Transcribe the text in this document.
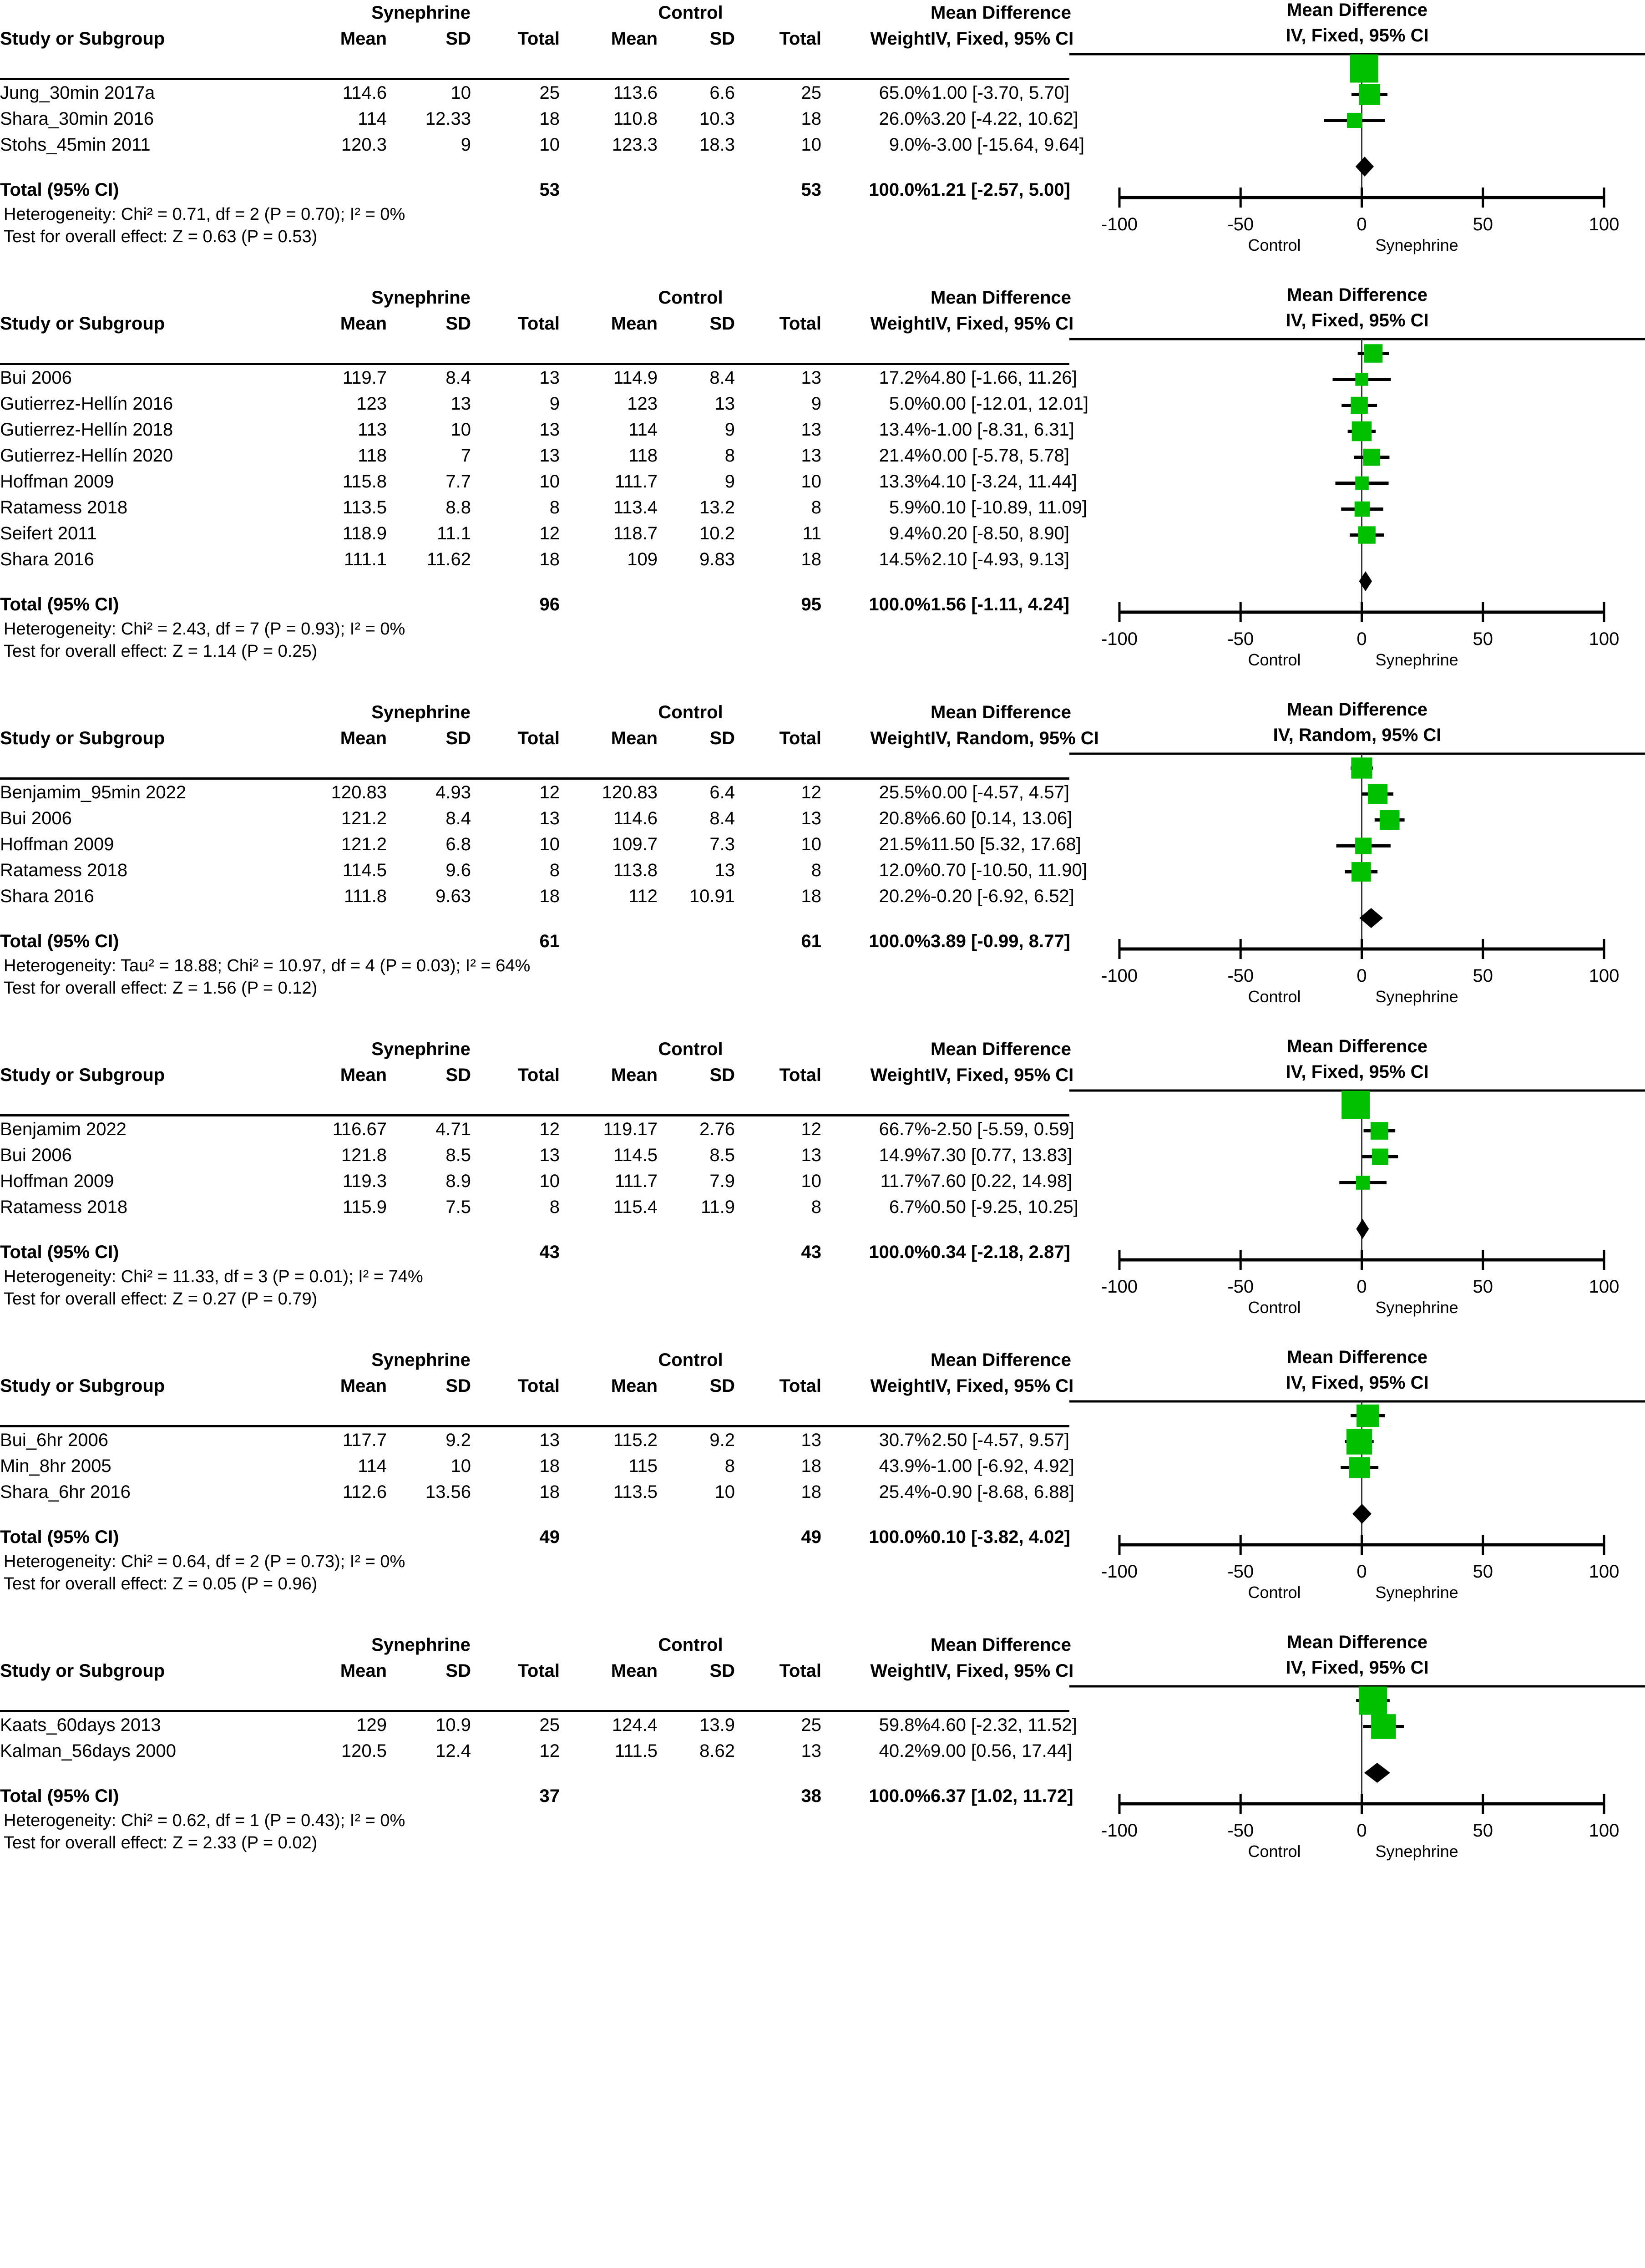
	Synephrine			Control				Mean Difference
Study or Subgroup	Mean	SD	Total	Mean	SD	Total	Weight	IV, Fixed, 95% CI

Jung_30min 2017a	114.6	10	25	113.6	6.6	25	65.0%	1.00 [-3.70, 5.70]
Shara_30min 2016	114	12.33	18	110.8	10.3	18	26.0%	3.20 [-4.22, 10.62]
Stohs_45min 2011	120.3	9	10	123.3	18.3	10	9.0%	-3.00 [-15.64, 9.64]

Total (95% CI)			53			53	100.0%	1.21 [-2.57, 5.00]
Heterogeneity: Chi² = 0.71, df = 2 (P = 0.70); I² = 0%
Test for overall effect: Z = 0.63 (P = 0.53)
Mean Difference
IV, Fixed, 95% CI
-100	-50	0	50	100
Control	Synephrine
	Synephrine			Control				Mean Difference
Study or Subgroup	Mean	SD	Total	Mean	SD	Total	Weight	IV, Fixed, 95% CI

Bui 2006	119.7	8.4	13	114.9	8.4	13	17.2%	4.80 [-1.66, 11.26]
Gutierrez-Hellín 2016	123	13	9	123	13	9	5.0%	0.00 [-12.01, 12.01]
Gutierrez-Hellín 2018	113	10	13	114	9	13	13.4%	-1.00 [-8.31, 6.31]
Gutierrez-Hellín 2020	118	7	13	118	8	13	21.4%	0.00 [-5.78, 5.78]
Hoffman 2009	115.8	7.7	10	111.7	9	10	13.3%	4.10 [-3.24, 11.44]
Ratamess 2018	113.5	8.8	8	113.4	13.2	8	5.9%	0.10 [-10.89, 11.09]
Seifert 2011	118.9	11.1	12	118.7	10.2	11	9.4%	0.20 [-8.50, 8.90]
Shara 2016	111.1	11.62	18	109	9.83	18	14.5%	2.10 [-4.93, 9.13]

Total (95% CI)			96			95	100.0%	1.56 [-1.11, 4.24]
Heterogeneity: Chi² = 2.43, df = 7 (P = 0.93); I² = 0%
Test for overall effect: Z = 1.14 (P = 0.25)
Mean Difference
IV, Fixed, 95% CI
-100	-50	0	50	100
Control	Synephrine
	Synephrine			Control				Mean Difference
Study or Subgroup	Mean	SD	Total	Mean	SD	Total	Weight	IV, Random, 95% CI

Benjamim_95min 2022	120.83	4.93	12	120.83	6.4	12	25.5%	0.00 [-4.57, 4.57]
Bui 2006	121.2	8.4	13	114.6	8.4	13	20.8%	6.60 [0.14, 13.06]
Hoffman 2009	121.2	6.8	10	109.7	7.3	10	21.5%	11.50 [5.32, 17.68]
Ratamess 2018	114.5	9.6	8	113.8	13	8	12.0%	0.70 [-10.50, 11.90]
Shara 2016	111.8	9.63	18	112	10.91	18	20.2%	-0.20 [-6.92, 6.52]

Total (95% CI)			61			61	100.0%	3.89 [-0.99, 8.77]
Heterogeneity: Tau² = 18.88; Chi² = 10.97, df = 4 (P = 0.03); I² = 64%
Test for overall effect: Z = 1.56 (P = 0.12)
Mean Difference
IV, Random, 95% CI
-100	-50	0	50	100
Control	Synephrine
	Synephrine			Control				Mean Difference
Study or Subgroup	Mean	SD	Total	Mean	SD	Total	Weight	IV, Fixed, 95% CI

Benjamim 2022	116.67	4.71	12	119.17	2.76	12	66.7%	-2.50 [-5.59, 0.59]
Bui 2006	121.8	8.5	13	114.5	8.5	13	14.9%	7.30 [0.77, 13.83]
Hoffman 2009	119.3	8.9	10	111.7	7.9	10	11.7%	7.60 [0.22, 14.98]
Ratamess 2018	115.9	7.5	8	115.4	11.9	8	6.7%	0.50 [-9.25, 10.25]

Total (95% CI)			43			43	100.0%	0.34 [-2.18, 2.87]
Heterogeneity: Chi² = 11.33, df = 3 (P = 0.01); I² = 74%
Test for overall effect: Z = 0.27 (P = 0.79)
Mean Difference
IV, Fixed, 95% CI
-100	-50	0	50	100
Control	Synephrine
	Synephrine			Control				Mean Difference
Study or Subgroup	Mean	SD	Total	Mean	SD	Total	Weight	IV, Fixed, 95% CI

Bui_6hr 2006	117.7	9.2	13	115.2	9.2	13	30.7%	2.50 [-4.57, 9.57]
Min_8hr 2005	114	10	18	115	8	18	43.9%	-1.00 [-6.92, 4.92]
Shara_6hr 2016	112.6	13.56	18	113.5	10	18	25.4%	-0.90 [-8.68, 6.88]

Total (95% CI)			49			49	100.0%	0.10 [-3.82, 4.02]
Heterogeneity: Chi² = 0.64, df = 2 (P = 0.73); I² = 0%
Test for overall effect: Z = 0.05 (P = 0.96)
Mean Difference
IV, Fixed, 95% CI
-100	-50	0	50	100
Control	Synephrine
	Synephrine			Control				Mean Difference
Study or Subgroup	Mean	SD	Total	Mean	SD	Total	Weight	IV, Fixed, 95% CI

Kaats_60days 2013	129	10.9	25	124.4	13.9	25	59.8%	4.60 [-2.32, 11.52]
Kalman_56days 2000	120.5	12.4	12	111.5	8.62	13	40.2%	9.00 [0.56, 17.44]

Total (95% CI)			37			38	100.0%	6.37 [1.02, 11.72]
Heterogeneity: Chi² = 0.62, df = 1 (P = 0.43); I² = 0%
Test for overall effect: Z = 2.33 (P = 0.02)
Mean Difference
IV, Fixed, 95% CI
-100	-50	0	50	100
Control	Synephrine
